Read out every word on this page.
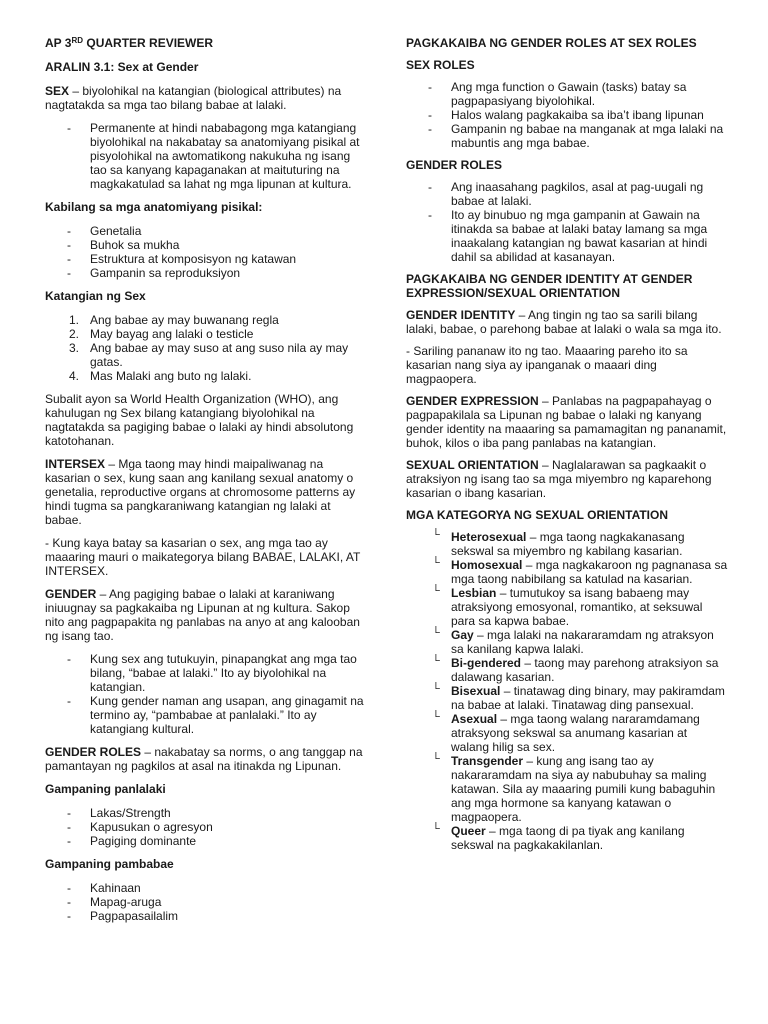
AP 3RD QUARTER REVIEWER

ARALIN 3.1: Sex at Gender

SEX – biyolohikal na katangian (biological attributes) na nagtatakda sa mga tao bilang babae at lalaki.

- Permanente at hindi nababagong mga katangiang biyolohikal na nakabatay sa anatomiyang pisikal at pisyolohikal na awtomatikong nakukuha ng isang tao sa kanyang kapaganakan at maituturing na magkakatulad sa lahat ng mga lipunan at kultura.

Kabilang sa mga anatomiyang pisikal:

- Genetalia
- Buhok sa mukha
- Estruktura at komposisyon ng katawan
- Gampanin sa reproduksiyon

Katangian ng Sex

1. Ang babae ay may buwanang regla
2. May bayag ang lalaki o testicle
3. Ang babae ay may suso at ang suso nila ay may gatas.
4. Mas Malaki ang buto ng lalaki.

Subalit ayon sa World Health Organization (WHO), ang kahulugan ng Sex bilang katangiang biyolohikal na nagtatakda sa pagiging babae o lalaki ay hindi absolutong katotohanan.

INTERSEX – Mga taong may hindi maipaliwanag na kasarian o sex, kung saan ang kanilang sexual anatomy o genetalia, reproductive organs at chromosome patterns ay hindi tugma sa pangkaraniwang katangian ng lalaki at babae.

- Kung kaya batay sa kasarian o sex, ang mga tao ay maaaring mauri o maikategorya bilang BABAE, LALAKI, AT INTERSEX.

GENDER – Ang pagiging babae o lalaki at karaniwang iniuugnay sa pagkakaiba ng Lipunan at ng kultura. Sakop nito ang pagpapakita ng panlabas na anyo at ang kalooban ng isang tao.

- Kung sex ang tutukuyin, pinapangkat ang mga tao bilang, “babae at lalaki.” Ito ay biyolohikal na katangian.
- Kung gender naman ang usapan, ang ginagamit na termino ay, “pambabae at panlalaki.” Ito ay katangiang kultural.

GENDER ROLES – nakabatay sa norms, o ang tanggap na pamantayan ng pagkilos at asal na itinakda ng Lipunan.

Gampaning panlalaki

- Lakas/Strength
- Kapusukan o agresyon
- Pagiging dominante

Gampaning pambabae

- Kahinaan
- Mapag-aruga
- Pagpapasailalim

PAGKAKAIBA NG GENDER ROLES AT SEX ROLES

SEX ROLES

- Ang mga function o Gawain (tasks) batay sa pagpapasiyang biyolohikal.
- Halos walang pagkakaiba sa iba’t ibang lipunan
- Gampanin ng babae na manganak at mga lalaki na mabuntis ang mga babae.

GENDER ROLES

- Ang inaasahang pagkilos, asal at pag-uugali ng babae at lalaki.
- Ito ay binubuo ng mga gampanin at Gawain na itinakda sa babae at lalaki batay lamang sa mga inaakalang katangian ng bawat kasarian at hindi dahil sa abilidad at kasanayan.

PAGKAKAIBA NG GENDER IDENTITY AT GENDER EXPRESSION/SEXUAL ORIENTATION

GENDER IDENTITY – Ang tingin ng tao sa sarili bilang lalaki, babae, o parehong babae at lalaki o wala sa mga ito.

- Sariling pananaw ito ng tao. Maaaring pareho ito sa kasarian nang siya ay ipanganak o maaari ding magpaopera.

GENDER EXPRESSION – Panlabas na pagpapahayag o pagpapakilala sa Lipunan ng babae o lalaki ng kanyang gender identity na maaaring sa pamamagitan ng pananamit, buhok, kilos o iba pang panlabas na katangian.

SEXUAL ORIENTATION – Naglalarawan sa pagkaakit o atraksiyon ng isang tao sa mga miyembro ng kaparehong kasarian o ibang kasarian.

MGA KATEGORYA NG SEXUAL ORIENTATION

└ Heterosexual – mga taong nagkakanasang sekswal sa miyembro ng kabilang kasarian.
└ Homosexual – mga nagkakaroon ng pagnanasa sa mga taong nabibilang sa katulad na kasarian.
└ Lesbian – tumutukoy sa isang babaeng may atraksiyong emosyonal, romantiko, at seksuwal para sa kapwa babae.
└ Gay – mga lalaki na nakararamdam ng atraksyon sa kanilang kapwa lalaki.
└ Bi-gendered – taong may parehong atraksiyon sa dalawang kasarian.
└ Bisexual – tinatawag ding binary, may pakiramdam na babae at lalaki. Tinatawag ding pansexual.
└ Asexual – mga taong walang nararamdamang atraksyong sekswal sa anumang kasarian at walang hilig sa sex.
└ Transgender – kung ang isang tao ay nakararamdam na siya ay nabubuhay sa maling katawan. Sila ay maaaring pumili kung babaguhin ang mga hormone sa kanyang katawan o magpaopera.
└ Queer – mga taong di pa tiyak ang kanilang sekswal na pagkakakilanlan.
